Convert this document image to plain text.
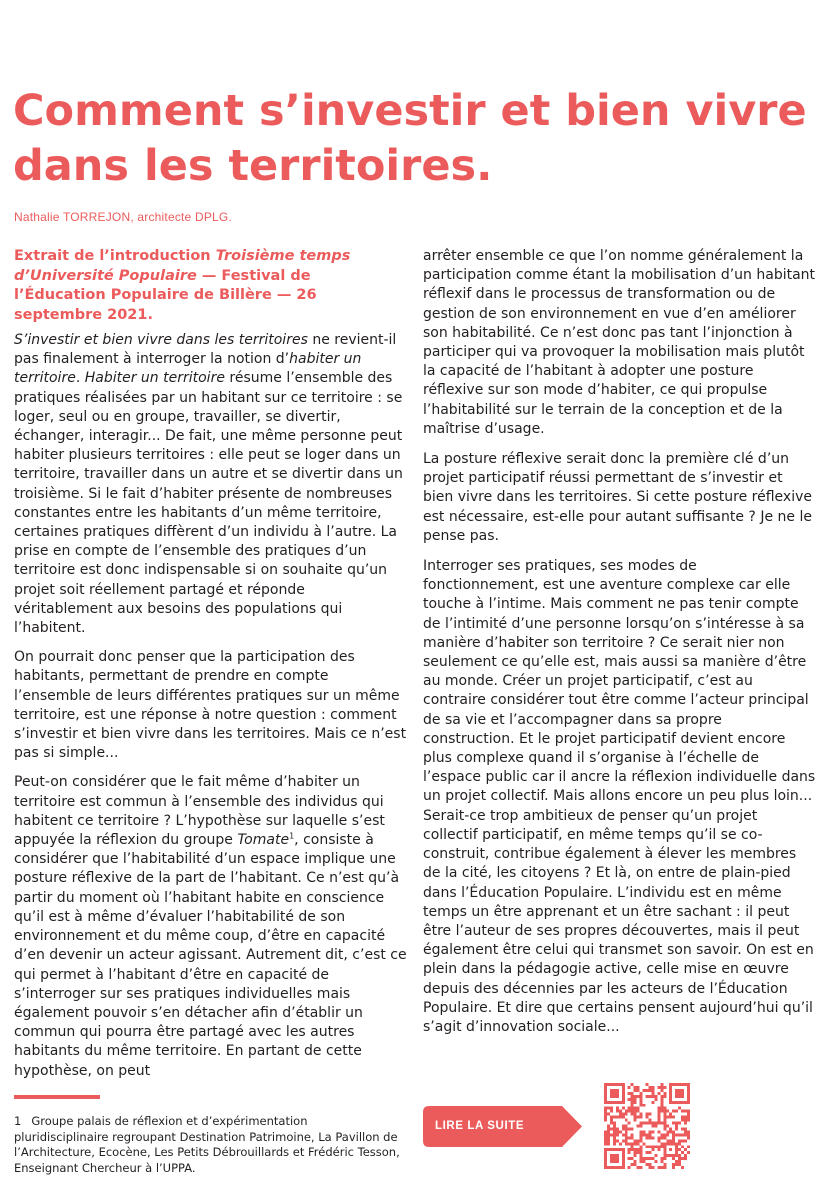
Comment s’investir et bien vivre dans les territoires.
Nathalie TORREJON, architecte DPLG.

Extrait de l’introduction Troisième temps d’Université Populaire — Festival de l’Éducation Populaire de Billère — 26 septembre 2021.

S’investir et bien vivre dans les territoires ne revient-il pas finalement à interroger la notion d’habiter un territoire. Habiter un territoire résume l’ensemble des pratiques réalisées par un habitant sur ce territoire : se loger, seul ou en groupe, travailler, se divertir, échanger, interagir... De fait, une même personne peut habiter plusieurs territoires : elle peut se loger dans un territoire, travailler dans un autre et se divertir dans un troisième. Si le fait d’habiter présente de nombreuses constantes entre les habitants d’un même territoire, certaines pratiques diffèrent d’un individu à l’autre. La prise en compte de l’ensemble des pratiques d’un territoire est donc indispensable si on souhaite qu’un projet soit réellement partagé et réponde véritablement aux besoins des populations qui l’habitent.

On pourrait donc penser que la participation des habitants, permettant de prendre en compte l’ensemble de leurs différentes pratiques sur un même territoire, est une réponse à notre question : comment s’investir et bien vivre dans les territoires. Mais ce n’est pas si simple...

Peut-on considérer que le fait même d’habiter un territoire est commun à l’ensemble des individus qui habitent ce territoire ? L’hypothèse sur laquelle s’est appuyée la réflexion du groupe Tomate$^1$, consiste à considérer que l’habitabilité d’un espace implique une posture réflexive de la part de l’habitant. Ce n’est qu’à partir du moment où l’habitant habite en conscience qu’il est à même d’évaluer l’habitabilité de son environnement et du même coup, d’être en capacité d’en devenir un acteur agissant. Autrement dit, c’est ce qui permet à l’habitant d’être en capacité de s’interroger sur ses pratiques individuelles mais également pouvoir s’en détacher afin d’établir un commun qui pourra être partagé avec les autres habitants du même territoire. En partant de cette hypothèse, on peut

arrêter ensemble ce que l’on nomme généralement la participation comme étant la mobilisation d’un habitant réflexif dans le processus de transformation ou de gestion de son environnement en vue d’en améliorer son habitabilité. Ce n’est donc pas tant l’injonction à participer qui va provoquer la mobilisation mais plutôt la capacité de l’habitant à adopter une posture réflexive sur son mode d’habiter, ce qui propulse l’habitabilité sur le terrain de la conception et de la maîtrise d’usage.

La posture réflexive serait donc la première clé d’un projet participatif réussi permettant de s’investir et bien vivre dans les territoires. Si cette posture réflexive est nécessaire, est-elle pour autant suffisante ? Je ne le pense pas.

Interroger ses pratiques, ses modes de fonctionnement, est une aventure complexe car elle touche à l’intime. Mais comment ne pas tenir compte de l’intimité d’une personne lorsqu’on s’intéresse à sa manière d’habiter son territoire ? Ce serait nier non seulement ce qu’elle est, mais aussi sa manière d’être au monde. Créer un projet participatif, c’est au contraire considérer tout être comme l’acteur principal de sa vie et l’accompagner dans sa propre construction. Et le projet participatif devient encore plus complexe quand il s’organise à l’échelle de l’espace public car il ancre la réflexion individuelle dans un projet collectif. Mais allons encore un peu plus loin... Serait-ce trop ambitieux de penser qu’un projet collectif participatif, en même temps qu’il se co-construit, contribue également à élever les membres de la cité, les citoyens ? Et là, on entre de plain-pied dans l’Éducation Populaire. L’individu est en même temps un être apprenant et un être sachant : il peut être l’auteur de ses propres découvertes, mais il peut également être celui qui transmet son savoir. On est en plein dans la pédagogie active, celle mise en œuvre depuis des décennies par les acteurs de l’Éducation Populaire. Et dire que certains pensent aujourd’hui qu’il s’agit d’innovation sociale...

1 Groupe palais de réflexion et d’expérimentation pluridisciplinaire regroupant Destination Patrimoine, La Pavillon de l’Architecture, Ecocène, Les Petits Débrouillards et Frédéric Tesson, Enseignant Chercheur à l’UPPA.

LIRE LA SUITE
